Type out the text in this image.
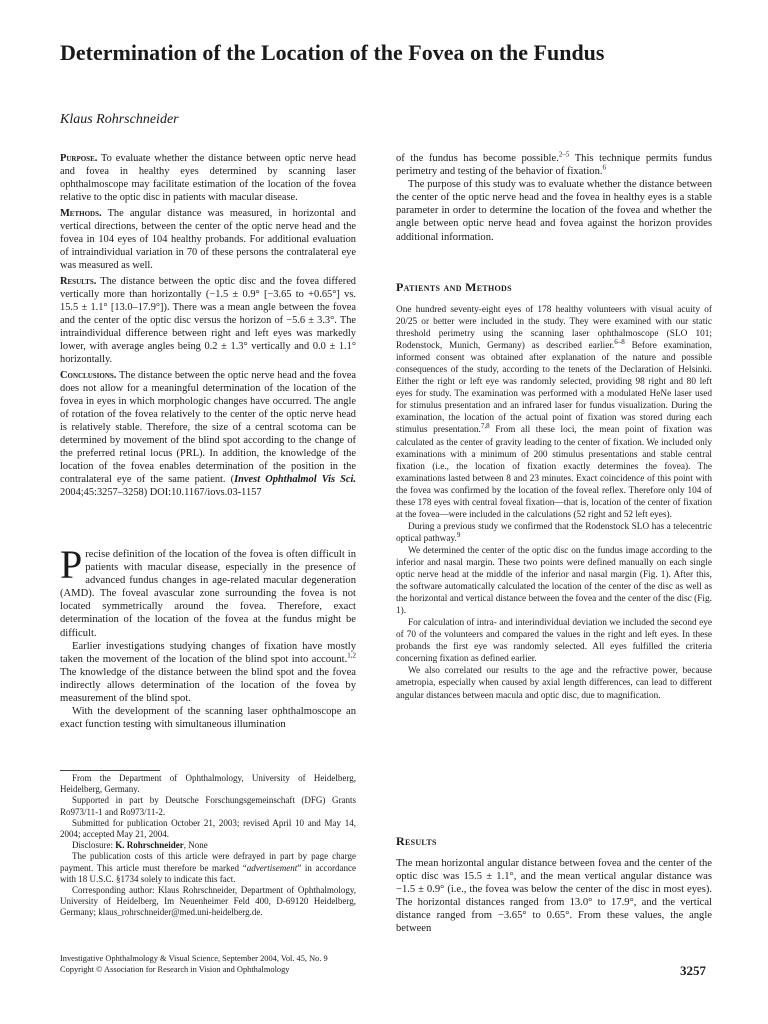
Determination of the Location of the Fovea on the Fundus
Klaus Rohrschneider

Purpose. To evaluate whether the distance between optic nerve head and fovea in healthy eyes determined by scanning laser ophthalmoscope may facilitate estimation of the location of the fovea relative to the optic disc in patients with macular disease.

Methods. The angular distance was measured, in horizontal and vertical directions, between the center of the optic nerve head and the fovea in 104 eyes of 104 healthy probands. For additional evaluation of intraindividual variation in 70 of these persons the contralateral eye was measured as well.

Results. The distance between the optic disc and the fovea differed vertically more than horizontally (−1.5 ± 0.9° [−3.65 to +0.65°] vs. 15.5 ± 1.1° [13.0–17.9°]). There was a mean angle between the fovea and the center of the optic disc versus the horizon of −5.6 ± 3.3°. The intraindividual difference between right and left eyes was markedly lower, with average angles being 0.2 ± 1.3° vertically and 0.0 ± 1.1° horizontally.

Conclusions. The distance between the optic nerve head and the fovea does not allow for a meaningful determination of the location of the fovea in eyes in which morphologic changes have occurred. The angle of rotation of the fovea relatively to the center of the optic nerve head is relatively stable. Therefore, the size of a central scotoma can be determined by movement of the blind spot according to the change of the preferred retinal locus (PRL). In addition, the knowledge of the location of the fovea enables determination of the position in the contralateral eye of the same patient. (Invest Ophthalmol Vis Sci. 2004;45:3257–3258) DOI:10.1167/iovs.03-1157

Precise definition of the location of the fovea is often difficult in patients with macular disease, especially in the presence of advanced fundus changes in age-related macular degeneration (AMD). The foveal avascular zone surrounding the fovea is not located symmetrically around the fovea. Therefore, exact determination of the location of the fovea at the fundus might be difficult.

Earlier investigations studying changes of fixation have mostly taken the movement of the location of the blind spot into account.$^{1,2}$ The knowledge of the distance between the blind spot and the fovea indirectly allows determination of the location of the fovea by measurement of the blind spot.

With the development of the scanning laser ophthalmoscope an exact function testing with simultaneous illumination

From the Department of Ophthalmology, University of Heidelberg, Heidelberg, Germany.

Supported in part by Deutsche Forschungsgemeinschaft (DFG) Grants Ro973/11-1 and Ro973/11-2.

Submitted for publication October 21, 2003; revised April 10 and May 14, 2004; accepted May 21, 2004.

Disclosure: K. Rohrschneider, None

The publication costs of this article were defrayed in part by page charge payment. This article must therefore be marked “advertisement” in accordance with 18 U.S.C. §1734 solely to indicate this fact.

Corresponding author: Klaus Rohrschneider, Department of Ophthalmology, University of Heidelberg, Im Neuenheimer Feld 400, D-69120 Heidelberg, Germany; klaus_rohrschneider@med.uni-heidelberg.de.

Investigative Ophthalmology & Visual Science, September 2004, Vol. 45, No. 9
Copyright © Association for Research in Vision and Ophthalmology

of the fundus has become possible.$^{2-5}$ This technique permits fundus perimetry and testing of the behavior of fixation.$^6$

The purpose of this study was to evaluate whether the distance between the center of the optic nerve head and the fovea in healthy eyes is a stable parameter in order to determine the location of the fovea and whether the angle between optic nerve head and fovea against the horizon provides additional information.

Patients and Methods

One hundred seventy-eight eyes of 178 healthy volunteers with visual acuity of 20/25 or better were included in the study. They were examined with our static threshold perimetry using the scanning laser ophthalmoscope (SLO 101; Rodenstock, Munich, Germany) as described earlier.$^{6-8}$ Before examination, informed consent was obtained after explanation of the nature and possible consequences of the study, according to the tenets of the Declaration of Helsinki. Either the right or left eye was randomly selected, providing 98 right and 80 left eyes for study. The examination was performed with a modulated HeNe laser used for stimulus presentation and an infrared laser for fundus visualization. During the examination, the location of the actual point of fixation was stored during each stimulus presentation.$^{7,8}$ From all these loci, the mean point of fixation was calculated as the center of gravity leading to the center of fixation. We included only examinations with a minimum of 200 stimulus presentations and stable central fixation (i.e., the location of fixation exactly determines the fovea). The examinations lasted between 8 and 23 minutes. Exact coincidence of this point with the fovea was confirmed by the location of the foveal reflex. Therefore only 104 of these 178 eyes with central foveal fixation—that is, location of the center of fixation at the fovea—were included in the calculations (52 right and 52 left eyes).

During a previous study we confirmed that the Rodenstock SLO has a telecentric optical pathway.$^9$

We determined the center of the optic disc on the fundus image according to the inferior and nasal margin. These two points were defined manually on each single optic nerve head at the middle of the inferior and nasal margin (Fig. 1). After this, the software automatically calculated the location of the center of the disc as well as the horizontal and vertical distance between the fovea and the center of the disc (Fig. 1).

For calculation of intra- and interindividual deviation we included the second eye of 70 of the volunteers and compared the values in the right and left eyes. In these probands the first eye was randomly selected. All eyes fulfilled the criteria concerning fixation as defined earlier.

We also correlated our results to the age and the refractive power, because ametropia, especially when caused by axial length differences, can lead to different angular distances between macula and optic disc, due to magnification.

Results

The mean horizontal angular distance between fovea and the center of the optic disc was 15.5 ± 1.1°, and the mean vertical angular distance was −1.5 ± 0.9° (i.e., the fovea was below the center of the disc in most eyes). The horizontal distances ranged from 13.0° to 17.9°, and the vertical distance ranged from −3.65° to 0.65°. From these values, the angle between

3257
